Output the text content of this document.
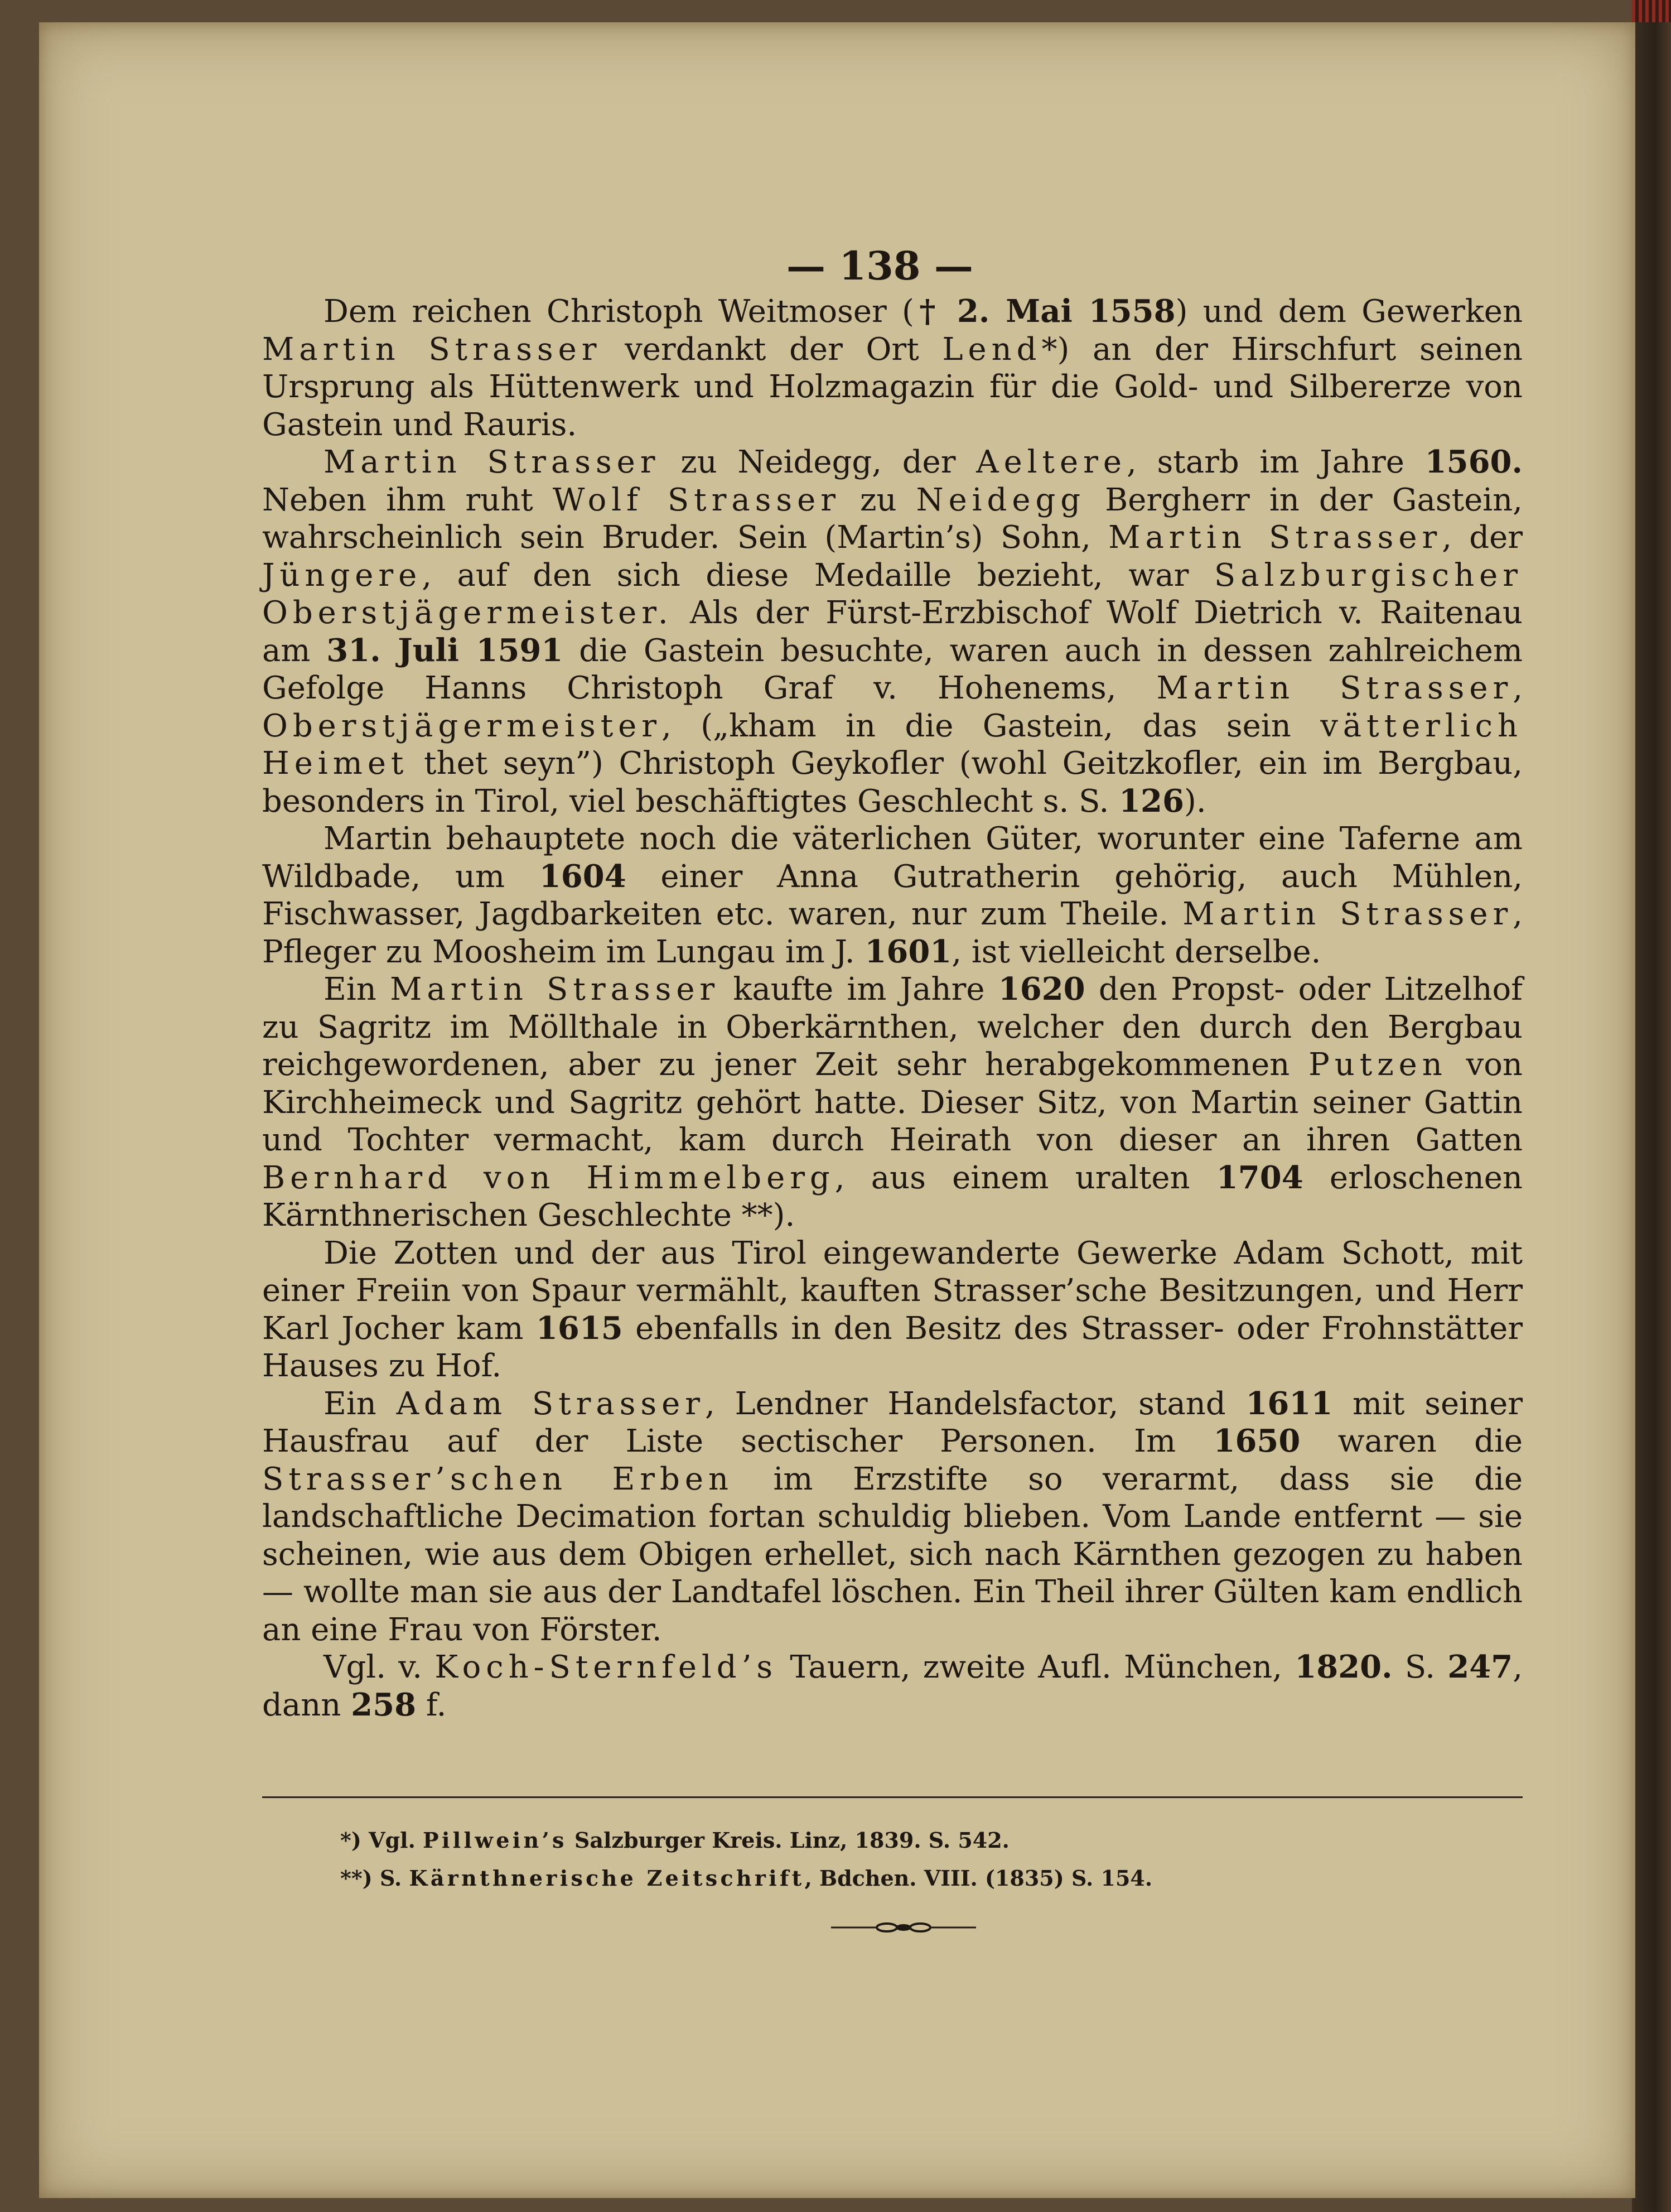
— 138 —

Dem reichen Christoph Weitmoser († 2. Mai 1558) und dem Gewerken Martin Strasser verdankt der Ort Lend*) an der Hirschfurt seinen Ursprung als Hüttenwerk und Holzmagazin für die Gold- und Silbererze von Gastein und Rauris.

Martin Strasser zu Neidegg, der Aeltere, starb im Jahre 1560. Neben ihm ruht Wolf Strasser zu Neidegg Bergherr in der Gastein, wahrscheinlich sein Bruder. Sein (Martin’s) Sohn, Martin Strasser, der Jüngere, auf den sich diese Medaille bezieht, war Salzburgischer Oberstjägermeister. Als der Fürst-Erzbischof Wolf Dietrich v. Raitenau am 31. Juli 1591 die Gastein besuchte, waren auch in dessen zahlreichem Gefolge Hanns Christoph Graf v. Hohenems, Martin Strasser, Oberstjägermeister, („kham in die Gastein, das sein vätterlich Heimet thet seyn”) Christoph Geykofler (wohl Geitzkofler, ein im Bergbau, besonders in Tirol, viel beschäftigtes Geschlecht s. S. 126).

Martin behauptete noch die väterlichen Güter, worunter eine Taferne am Wildbade, um 1604 einer Anna Gutratherin gehörig, auch Mühlen, Fischwasser, Jagdbarkeiten etc. waren, nur zum Theile. Martin Strasser, Pfleger zu Moosheim im Lungau im J. 1601, ist vielleicht derselbe.

Ein Martin Strasser kaufte im Jahre 1620 den Propst- oder Litzelhof zu Sagritz im Möllthale in Oberkärnthen, welcher den durch den Bergbau reichgewordenen, aber zu jener Zeit sehr herabgekommenen Putzen von Kirchheimeck und Sagritz gehört hatte. Dieser Sitz, von Martin seiner Gattin und Tochter vermacht, kam durch Heirath von dieser an ihren Gatten Bernhard von Himmelberg, aus einem uralten 1704 erloschenen Kärnthnerischen Geschlechte **).

Die Zotten und der aus Tirol eingewanderte Gewerke Adam Schott, mit einer Freiin von Spaur vermählt, kauften Strasser’sche Besitzungen, und Herr Karl Jocher kam 1615 ebenfalls in den Besitz des Strasser- oder Frohnstätter Hauses zu Hof.

Ein Adam Strasser, Lendner Handelsfactor, stand 1611 mit seiner Hausfrau auf der Liste sectischer Personen. Im 1650 waren die Strasser’schen Erben im Erzstifte so verarmt, dass sie die landschaftliche Decimation fortan schuldig blieben. Vom Lande entfernt — sie scheinen, wie aus dem Obigen erhellet, sich nach Kärnthen gezogen zu haben — wollte man sie aus der Landtafel löschen. Ein Theil ihrer Gülten kam endlich an eine Frau von Förster.

Vgl. v. Koch-Sternfeld’s Tauern, zweite Aufl. München, 1820. S. 247, dann 258 f.

*) Vgl. Pillwein’s Salzburger Kreis. Linz, 1839. S. 542.

**) S. Kärnthnerische Zeitschrift, Bdchen. VIII. (1835) S. 154.
